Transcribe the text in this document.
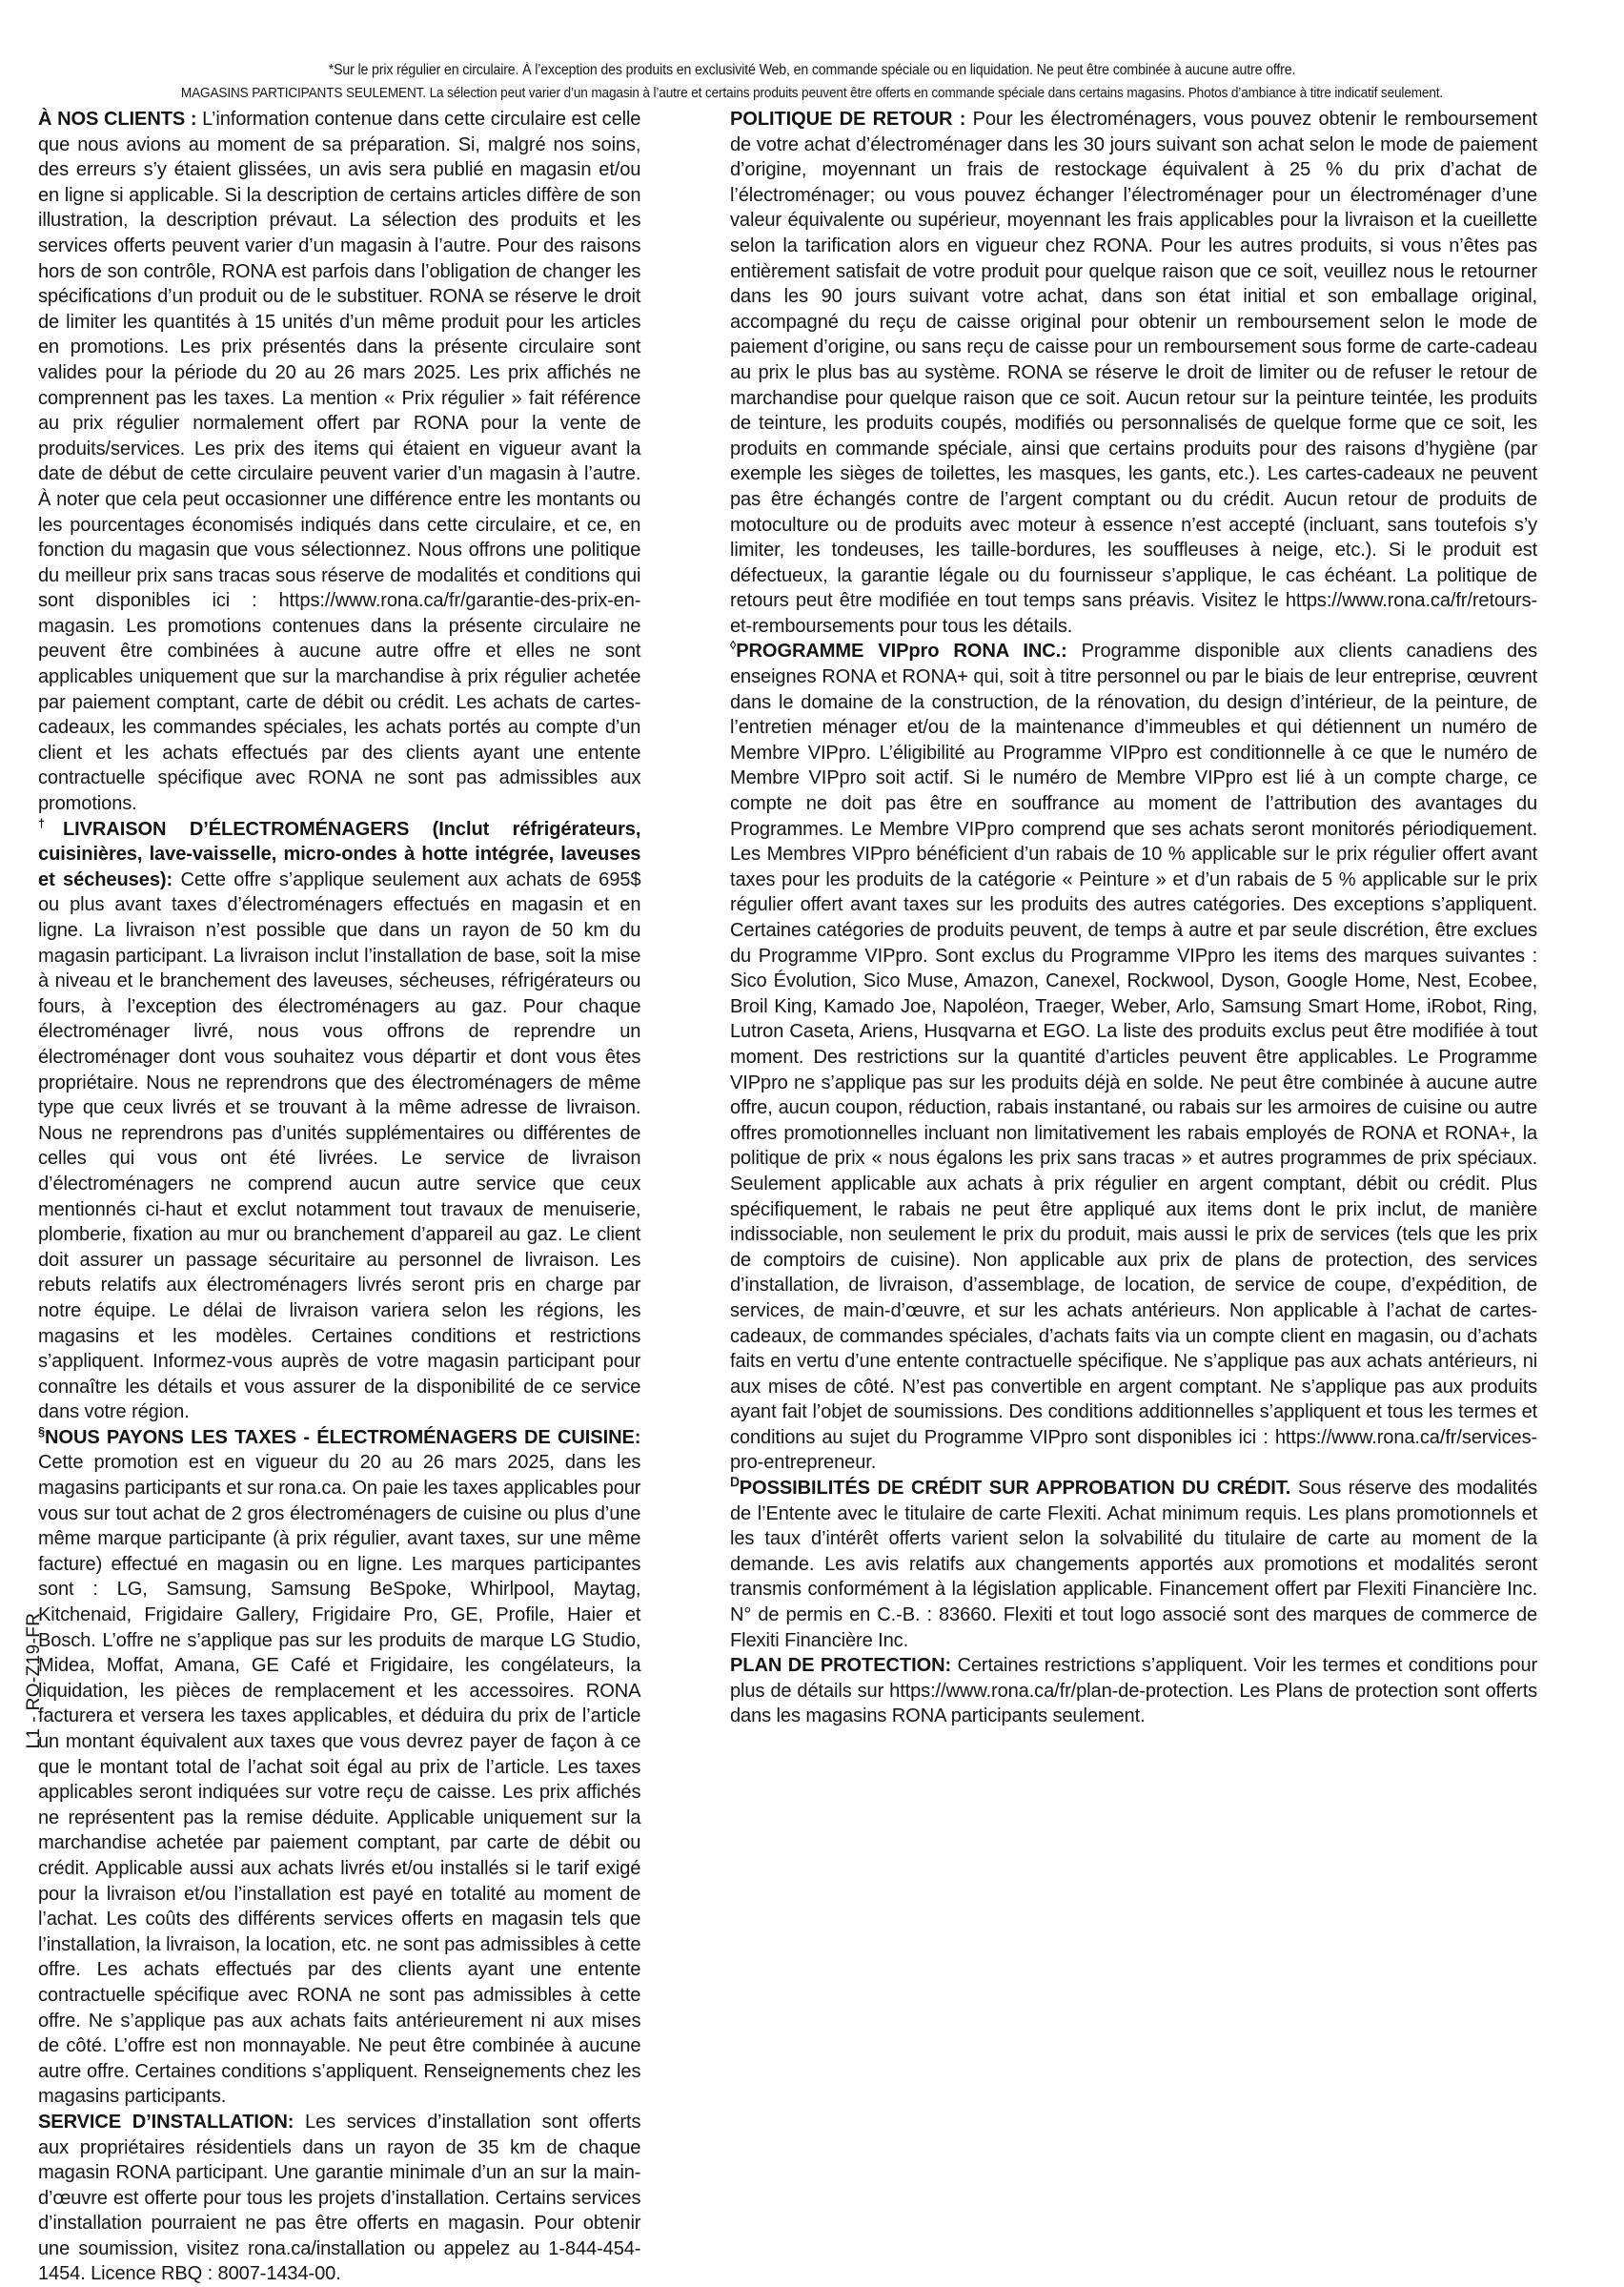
*Sur le prix régulier en circulaire. À l’exception des produits en exclusivité Web, en commande spéciale ou en liquidation. Ne peut être combinée à aucune autre offre.
MAGASINS PARTICIPANTS SEULEMENT. La sélection peut varier d’un magasin à l’autre et certains produits peuvent être offerts en commande spéciale dans certains magasins. Photos d’ambiance à titre indicatif seulement.

À NOS CLIENTS : L’information contenue dans cette circulaire est celle que nous avions au moment de sa préparation. Si, malgré nos soins, des erreurs s’y étaient glissées, un avis sera publié en magasin et/ou en ligne si applicable. Si la description de certains articles diffère de son illustration, la description prévaut. La sélection des produits et les services offerts peuvent varier d’un magasin à l’autre. Pour des raisons hors de son contrôle, RONA est parfois dans l’obligation de changer les spécifications d’un produit ou de le substituer. RONA se réserve le droit de limiter les quantités à 15 unités d’un même produit pour les articles en promotions. Les prix présentés dans la présente circulaire sont valides pour la période du 20 au 26 mars 2025. Les prix affichés ne comprennent pas les taxes. La mention « Prix régulier » fait référence au prix régulier normalement offert par RONA pour la vente de produits/services. Les prix des items qui étaient en vigueur avant la date de début de cette circulaire peuvent varier d’un magasin à l’autre. À noter que cela peut occasionner une différence entre les montants ou les pourcentages économisés indiqués dans cette circulaire, et ce, en fonction du magasin que vous sélectionnez. Nous offrons une politique du meilleur prix sans tracas sous réserve de modalités et conditions qui sont disponibles ici : https://www.rona.ca/fr/garantie-des-prix-en-magasin. Les promotions contenues dans la présente circulaire ne peuvent être combinées à aucune autre offre et elles ne sont applicables uniquement que sur la marchandise à prix régulier achetée par paiement comptant, carte de débit ou crédit. Les achats de cartes-cadeaux, les commandes spéciales, les achats portés au compte d’un client et les achats effectués par des clients ayant une entente contractuelle spécifique avec RONA ne sont pas admissibles aux promotions.

†LIVRAISON D’ÉLECTROMÉNAGERS (Inclut réfrigérateurs, cuisinières, lave-vaisselle, micro-ondes à hotte intégrée, laveuses et sécheuses): Cette offre s’applique seulement aux achats de 695$ ou plus avant taxes d’électroménagers effectués en magasin et en ligne. La livraison n’est possible que dans un rayon de 50 km du magasin participant. La livraison inclut l’installation de base, soit la mise à niveau et le branchement des laveuses, sécheuses, réfrigérateurs ou fours, à l’exception des électroménagers au gaz. Pour chaque électroménager livré, nous vous offrons de reprendre un électroménager dont vous souhaitez vous départir et dont vous êtes propriétaire. Nous ne reprendrons que des électroménagers de même type que ceux livrés et se trouvant à la même adresse de livraison. Nous ne reprendrons pas d’unités supplémentaires ou différentes de celles qui vous ont été livrées. Le service de livraison d’électroménagers ne comprend aucun autre service que ceux mentionnés ci-haut et exclut notamment tout travaux de menuiserie, plomberie, fixation au mur ou branchement d’appareil au gaz. Le client doit assurer un passage sécuritaire au personnel de livraison. Les rebuts relatifs aux électroménagers livrés seront pris en charge par notre équipe. Le délai de livraison variera selon les régions, les magasins et les modèles. Certaines conditions et restrictions s’appliquent. Informez-vous auprès de votre magasin participant pour connaître les détails et vous assurer de la disponibilité de ce service dans votre région.

§NOUS PAYONS LES TAXES - ÉLECTROMÉNAGERS DE CUISINE: Cette promotion est en vigueur du 20 au 26 mars 2025, dans les magasins participants et sur rona.ca. On paie les taxes applicables pour vous sur tout achat de 2 gros électroménagers de cuisine ou plus d’une même marque participante (à prix régulier, avant taxes, sur une même facture) effectué en magasin ou en ligne. Les marques participantes sont : LG, Samsung, Samsung BeSpoke, Whirlpool, Maytag, Kitchenaid, Frigidaire Gallery, Frigidaire Pro, GE, Profile, Haier et Bosch. L’offre ne s’applique pas sur les produits de marque LG Studio, Midea, Moffat, Amana, GE Café et Frigidaire, les congélateurs, la liquidation, les pièces de remplacement et les accessoires. RONA facturera et versera les taxes applicables, et déduira du prix de l’article un montant équivalent aux taxes que vous devrez payer de façon à ce que le montant total de l’achat soit égal au prix de l’article. Les taxes applicables seront indiquées sur votre reçu de caisse. Les prix affichés ne représentent pas la remise déduite. Applicable uniquement sur la marchandise achetée par paiement comptant, par carte de débit ou crédit. Applicable aussi aux achats livrés et/ou installés si le tarif exigé pour la livraison et/ou l’installation est payé en totalité au moment de l’achat. Les coûts des différents services offerts en magasin tels que l’installation, la livraison, la location, etc. ne sont pas admissibles à cette offre. Les achats effectués par des clients ayant une entente contractuelle spécifique avec RONA ne sont pas admissibles à cette offre. Ne s’applique pas aux achats faits antérieurement ni aux mises de côté. L’offre est non monnayable. Ne peut être combinée à aucune autre offre. Certaines conditions s’appliquent. Renseignements chez les magasins participants.

SERVICE D’INSTALLATION: Les services d’installation sont offerts aux propriétaires résidentiels dans un rayon de 35 km de chaque magasin RONA participant. Une garantie minimale d’un an sur la main-d’œuvre est offerte pour tous les projets d’installation. Certains services d’installation pourraient ne pas être offerts en magasin. Pour obtenir une soumission, visitez rona.ca/installation ou appelez au 1-844-454-1454. Licence RBQ : 8007-1434-00.

POLITIQUE DE RETOUR : Pour les électroménagers, vous pouvez obtenir le remboursement de votre achat d’électroménager dans les 30 jours suivant son achat selon le mode de paiement d’origine, moyennant un frais de restockage équivalent à 25 % du prix d’achat de l’électroménager; ou vous pouvez échanger l’électroménager pour un électroménager d’une valeur équivalente ou supérieur, moyennant les frais applicables pour la livraison et la cueillette selon la tarification alors en vigueur chez RONA. Pour les autres produits, si vous n’êtes pas entièrement satisfait de votre produit pour quelque raison que ce soit, veuillez nous le retourner dans les 90 jours suivant votre achat, dans son état initial et son emballage original, accompagné du reçu de caisse original pour obtenir un remboursement selon le mode de paiement d’origine, ou sans reçu de caisse pour un remboursement sous forme de carte-cadeau au prix le plus bas au système. RONA se réserve le droit de limiter ou de refuser le retour de marchandise pour quelque raison que ce soit. Aucun retour sur la peinture teintée, les produits de teinture, les produits coupés, modifiés ou personnalisés de quelque forme que ce soit, les produits en commande spéciale, ainsi que certains produits pour des raisons d’hygiène (par exemple les sièges de toilettes, les masques, les gants, etc.). Les cartes-cadeaux ne peuvent pas être échangés contre de l’argent comptant ou du crédit. Aucun retour de produits de motoculture ou de produits avec moteur à essence n’est accepté (incluant, sans toutefois s’y limiter, les tondeuses, les taille-bordures, les souffleuses à neige, etc.). Si le produit est défectueux, la garantie légale ou du fournisseur s’applique, le cas échéant. La politique de retours peut être modifiée en tout temps sans préavis. Visitez le https://www.rona.ca/fr/retours-et-remboursements pour tous les détails.

◊PROGRAMME VIPpro RONA INC.: Programme disponible aux clients canadiens des enseignes RONA et RONA+ qui, soit à titre personnel ou par le biais de leur entreprise, œuvrent dans le domaine de la construction, de la rénovation, du design d’intérieur, de la peinture, de l’entretien ménager et/ou de la maintenance d’immeubles et qui détiennent un numéro de Membre VIPpro. L’éligibilité au Programme VIPpro est conditionnelle à ce que le numéro de Membre VIPpro soit actif. Si le numéro de Membre VIPpro est lié à un compte charge, ce compte ne doit pas être en souffrance au moment de l’attribution des avantages du Programmes. Le Membre VIPpro comprend que ses achats seront monitorés périodiquement. Les Membres VIPpro bénéficient d’un rabais de 10 % applicable sur le prix régulier offert avant taxes pour les produits de la catégorie « Peinture » et d’un rabais de 5 % applicable sur le prix régulier offert avant taxes sur les produits des autres catégories. Des exceptions s’appliquent. Certaines catégories de produits peuvent, de temps à autre et par seule discrétion, être exclues du Programme VIPpro. Sont exclus du Programme VIPpro les items des marques suivantes : Sico Évolution, Sico Muse, Amazon, Canexel, Rockwool, Dyson, Google Home, Nest, Ecobee, Broil King, Kamado Joe, Napoléon, Traeger, Weber, Arlo, Samsung Smart Home, iRobot, Ring, Lutron Caseta, Ariens, Husqvarna et EGO. La liste des produits exclus peut être modifiée à tout moment. Des restrictions sur la quantité d’articles peuvent être applicables. Le Programme VIPpro ne s’applique pas sur les produits déjà en solde. Ne peut être combinée à aucune autre offre, aucun coupon, réduction, rabais instantané, ou rabais sur les armoires de cuisine ou autre offres promotionnelles incluant non limitativement les rabais employés de RONA et RONA+, la politique de prix « nous égalons les prix sans tracas » et autres programmes de prix spéciaux. Seulement applicable aux achats à prix régulier en argent comptant, débit ou crédit. Plus spécifiquement, le rabais ne peut être appliqué aux items dont le prix inclut, de manière indissociable, non seulement le prix du produit, mais aussi le prix de services (tels que les prix de comptoirs de cuisine). Non applicable aux prix de plans de protection, des services d’installation, de livraison, d’assemblage, de location, de service de coupe, d’expédition, de services, de main-d’œuvre, et sur les achats antérieurs. Non applicable à l’achat de cartes-cadeaux, de commandes spéciales, d’achats faits via un compte client en magasin, ou d’achats faits en vertu d’une entente contractuelle spécifique. Ne s’applique pas aux achats antérieurs, ni aux mises de côté. N’est pas convertible en argent comptant. Ne s’applique pas aux produits ayant fait l’objet de soumissions. Des conditions additionnelles s’appliquent et tous les termes et conditions au sujet du Programme VIPpro sont disponibles ici : https://www.rona.ca/fr/services-pro-entrepreneur.

$^Ⅾ$POSSIBILITÉS DE CRÉDIT SUR APPROBATION DU CRÉDIT. Sous réserve des modalités de l’Entente avec le titulaire de carte Flexiti. Achat minimum requis. Les plans promotionnels et les taux d’intérêt offerts varient selon la solvabilité du titulaire de carte au moment de la demande. Les avis relatifs aux changements apportés aux promotions et modalités seront transmis conformément à la législation applicable. Financement offert par Flexiti Financière Inc. N° de permis en C.-B. : 83660. Flexiti et tout logo associé sont des marques de commerce de Flexiti Financière Inc.

PLAN DE PROTECTION: Certaines restrictions s’appliquent. Voir les termes et conditions pour plus de détails sur https://www.rona.ca/fr/plan-de-protection. Les Plans de protection sont offerts dans les magasins RONA participants seulement.

L1 - RO-Z19-FR
